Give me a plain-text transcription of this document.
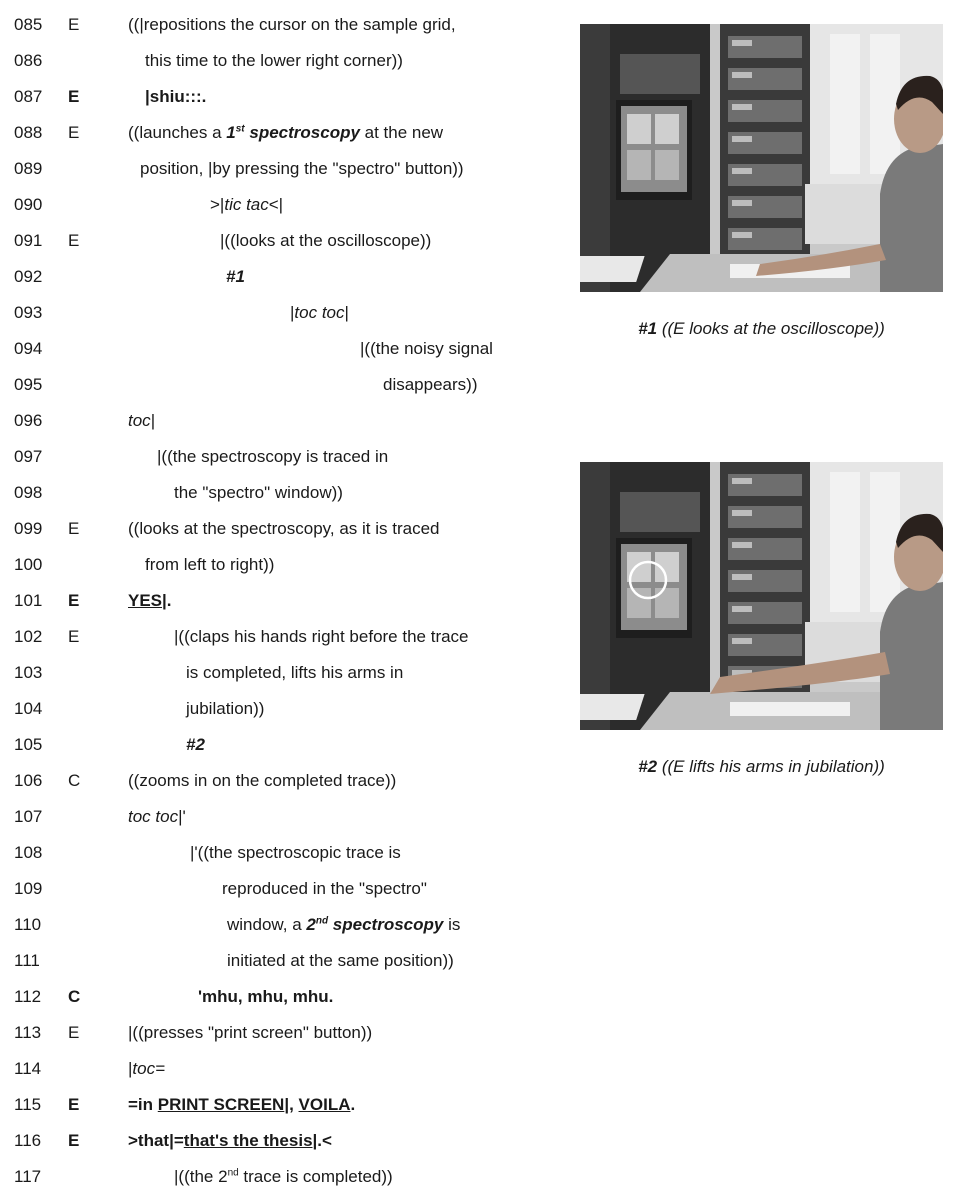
085 E	((|repositions the cursor on the sample grid,
086	this time to the lower right corner))
087 E	|shiu:::.
088 E	((launches a 1st spectroscopy at the new
089	position, |by pressing the "spectro" button))
090	>|tic tac<|
091 E	|((looks at the oscilloscope))
092	#1
093	|toc toc|
094	|((the noisy signal
095	disappears))
096	toc|
097	|((the spectroscopy is traced in
098	the "spectro" window))
099 E	((looks at the spectroscopy, as it is traced
100	from left to right))
101 E	YES|.
102 E	|((claps his hands right before the trace
103	is completed, lifts his arms in
104	jubilation))
105	#2
106 C	((zooms in on the completed trace))
107	toc toc|'
108	|'((the spectroscopic trace is
109	reproduced in the "spectro"
110	window, a 2nd spectroscopy is
111	initiated at the same position))
112 C	'mhu, mhu, mhu.
113 E	|((presses "print screen" button))
114	|toc=
115 E	=in PRINT SCREEN|, VOILA.
116 E	>that|=that's the thesis|.<
117	|((the 2nd trace is completed))
#1 ((E looks at the oscilloscope))
#2 ((E lifts his arms in jubilation))
